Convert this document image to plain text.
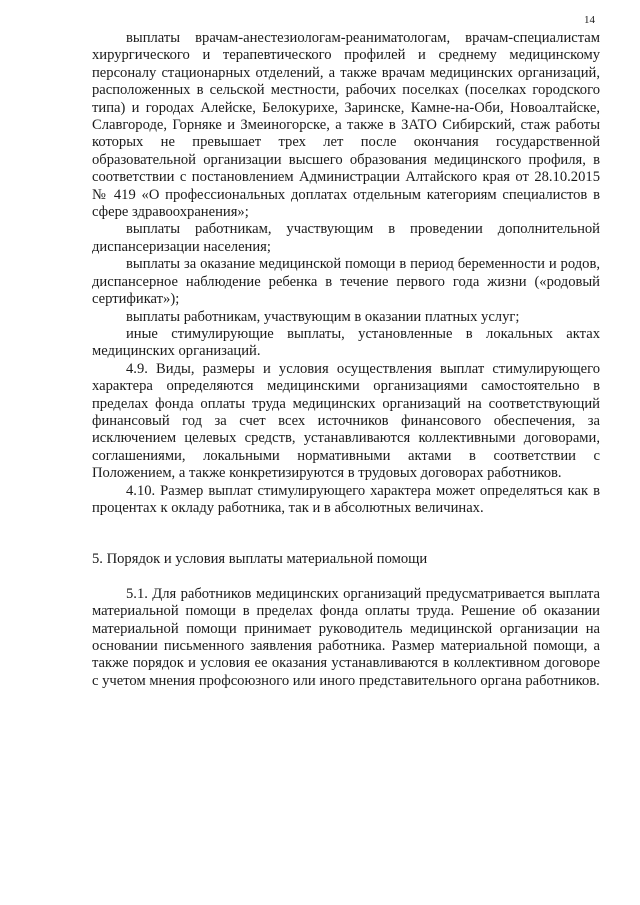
14

выплаты врачам-анестезиологам-реаниматологам, врачам-специалистам хирургического и терапевтического профилей и среднему медицинскому персоналу стационарных отделений, а также врачам медицинских организаций, расположенных в сельской местности, рабочих поселках (поселках городского типа) и городах Алейске, Белокурихе, Заринске, Камне-на-Оби, Новоалтайске, Славгороде, Горняке и Змеиногорске, а также в ЗАТО Сибирский, стаж работы которых не превышает трех лет после окончания государственной образовательной организации высшего образования медицинского профиля, в соответствии с постановлением Администрации Алтайского края от 28.10.2015 № 419 «О профессиональных доплатах отдельным категориям специалистов в сфере здравоохранения»;

выплаты работникам, участвующим в проведении дополнительной диспансеризации населения;

выплаты за оказание медицинской помощи в период беременности и родов, диспансерное наблюдение ребенка в течение первого года жизни («родовый сертификат»);

выплаты работникам, участвующим в оказании платных услуг;

иные стимулирующие выплаты, установленные в локальных актах медицинских организаций.

4.9. Виды, размеры и условия осуществления выплат стимулирующего характера определяются медицинскими организациями самостоятельно в пределах фонда оплаты труда медицинских организаций на соответствующий финансовый год за счет всех источников финансового обеспечения, за исключением целевых средств, устанавливаются коллективными договорами, соглашениями, локальными нормативными актами в соответствии с Положением, а также конкретизируются в трудовых договорах работников.

4.10. Размер выплат стимулирующего характера может определяться как в процентах к окладу работника, так и в абсолютных величинах.

5. Порядок и условия выплаты материальной помощи

5.1. Для работников медицинских организаций предусматривается выплата материальной помощи в пределах фонда оплаты труда. Решение об оказании материальной помощи принимает руководитель медицинской организации на основании письменного заявления работника. Размер материальной помощи, а также порядок и условия ее оказания устанавливаются в коллективном договоре с учетом мнения профсоюзного или иного представительного органа работников.
